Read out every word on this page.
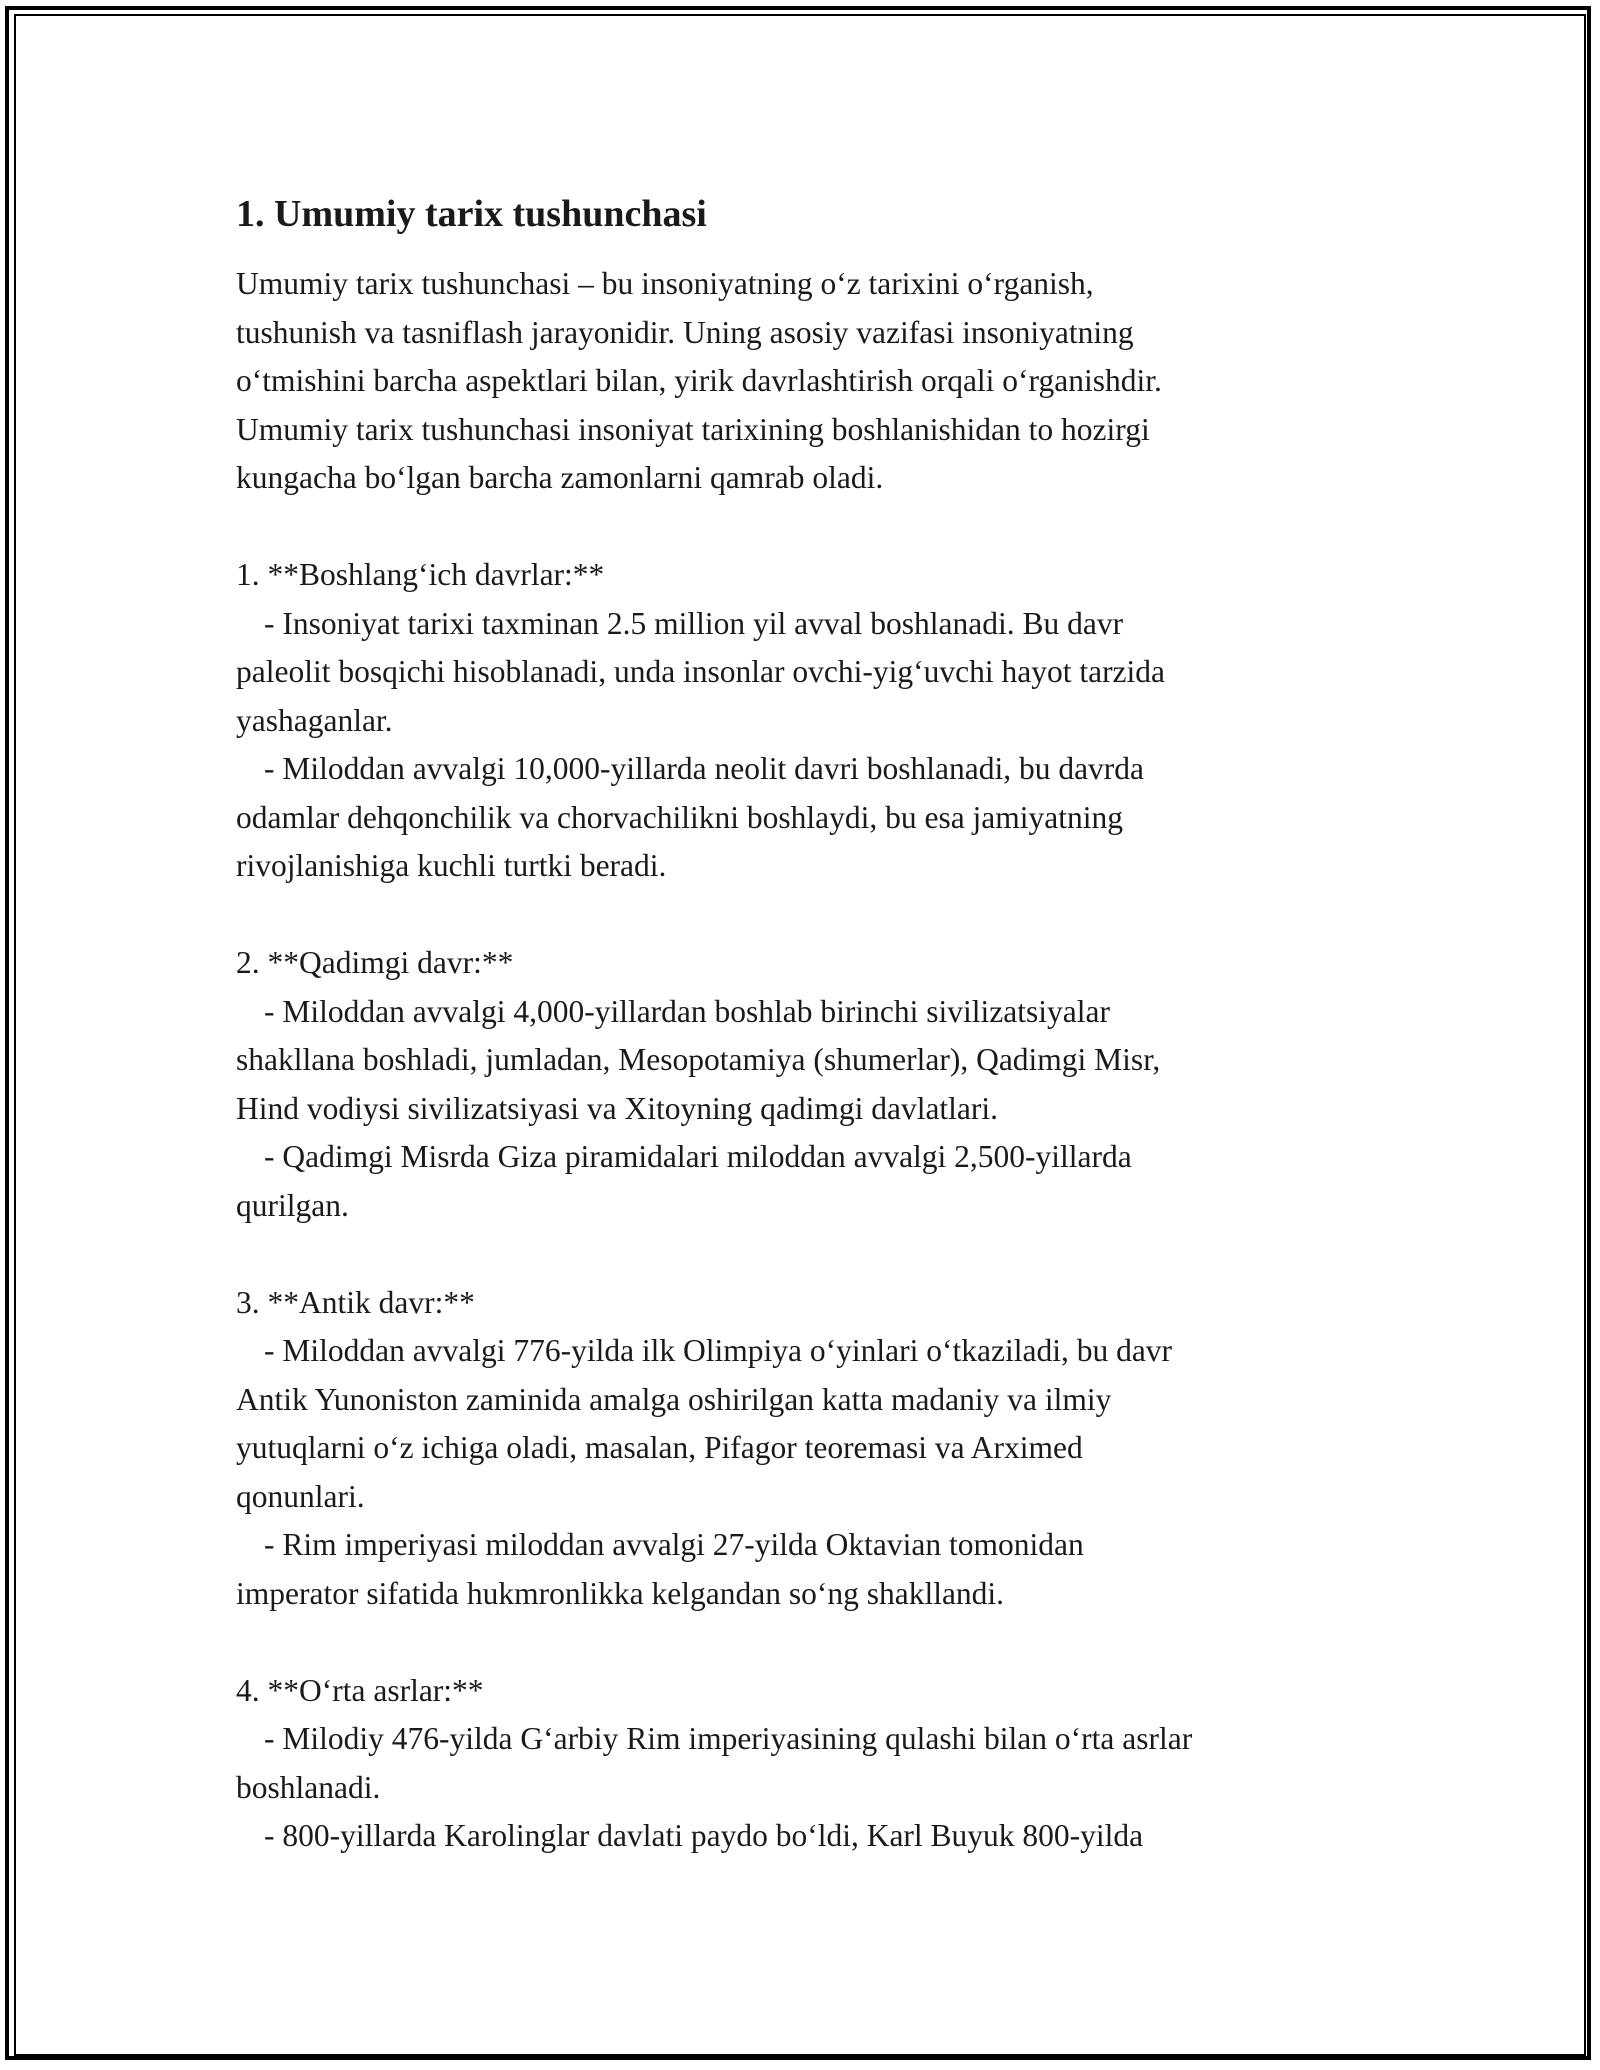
1. Umumiy tarix tushunchasi
Umumiy tarix tushunchasi – bu insoniyatning o‘z tarixini o‘rganish,
tushunish va tasniflash jarayonidir. Uning asosiy vazifasi insoniyatning
o‘tmishini barcha aspektlari bilan, yirik davrlashtirish orqali o‘rganishdir.
Umumiy tarix tushunchasi insoniyat tarixining boshlanishidan to hozirgi
kungacha bo‘lgan barcha zamonlarni qamrab oladi.
1. **Boshlang‘ich davrlar:**
- Insoniyat tarixi taxminan 2.5 million yil avval boshlanadi. Bu davr
paleolit bosqichi hisoblanadi, unda insonlar ovchi-yig‘uvchi hayot tarzida
yashaganlar.
- Miloddan avvalgi 10,000-yillarda neolit davri boshlanadi, bu davrda
odamlar dehqonchilik va chorvachilikni boshlaydi, bu esa jamiyatning
rivojlanishiga kuchli turtki beradi.
2. **Qadimgi davr:**
- Miloddan avvalgi 4,000-yillardan boshlab birinchi sivilizatsiyalar
shakllana boshladi, jumladan, Mesopotamiya (shumerlar), Qadimgi Misr,
Hind vodiysi sivilizatsiyasi va Xitoyning qadimgi davlatlari.
- Qadimgi Misrda Giza piramidalari miloddan avvalgi 2,500-yillarda
qurilgan.
3. **Antik davr:**
- Miloddan avvalgi 776-yilda ilk Olimpiya o‘yinlari o‘tkaziladi, bu davr
Antik Yunoniston zaminida amalga oshirilgan katta madaniy va ilmiy
yutuqlarni o‘z ichiga oladi, masalan, Pifagor teoremasi va Arximed
qonunlari.
- Rim imperiyasi miloddan avvalgi 27-yilda Oktavian tomonidan
imperator sifatida hukmronlikka kelgandan so‘ng shakllandi.
4. **O‘rta asrlar:**
- Milodiy 476-yilda G‘arbiy Rim imperiyasining qulashi bilan o‘rta asrlar
boshlanadi.
- 800-yillarda Karolinglar davlati paydo bo‘ldi, Karl Buyuk 800-yilda
